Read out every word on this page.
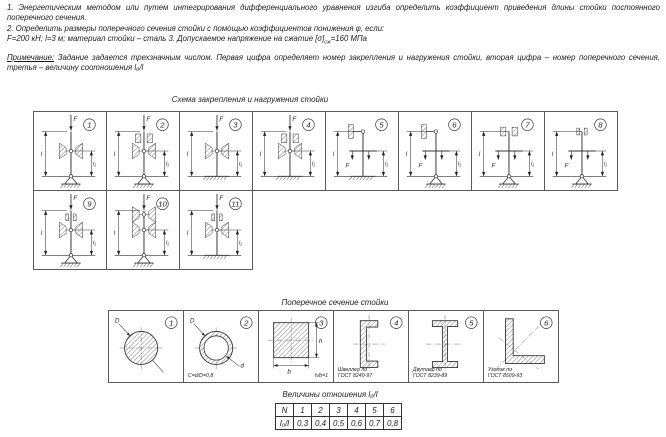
1. Энергетическим методом или путем интегрирования дифференциального уравнения изгиба определить коэффициент приведения длины стойки постоянного поперечного сечения.

2. Определить размеры поперечного сечения стойки с помощью коэффициентов понижения φ, если:

F=200 кН; l=3 м; материал стойки – сталь 3. Допускаемое напряжение на сжатие $[\sigma]_{сж}=160$ МПа

Примечание: Задание задается трехзначным числом. Первая цифра определяет номер закрепления и нагружения стойки, вторая цифра – номер поперечного сечения, третья – величину соотношения l₀/l

Схема закрепления и нагружения стойки
1
l
l₁
F
2
l
l₁
F
3
l
l₁
F
4
l
l₁
F
5
l
l₁
F
6
l
l₁
F
7
l
l₁
F
8
l
l₁
F
9
l
l₁
F
10
l
l₁
F
11
l
l₁
F
Поперечное сечение стойки
1
D	2
D
d
C=d/D=0,8
3
b
h
h/b=1
4
Швеллер по
ГОСТ 8240-97
5
Двутавр по
ГОСТ 8239-89
6
Уголок по
ГОСТ 8509-93
Величины отношения l₀/l
N	1	2	3	4	5	6
l₀/l	0,3	0,4	0,5	0,6	0,7	0,8
